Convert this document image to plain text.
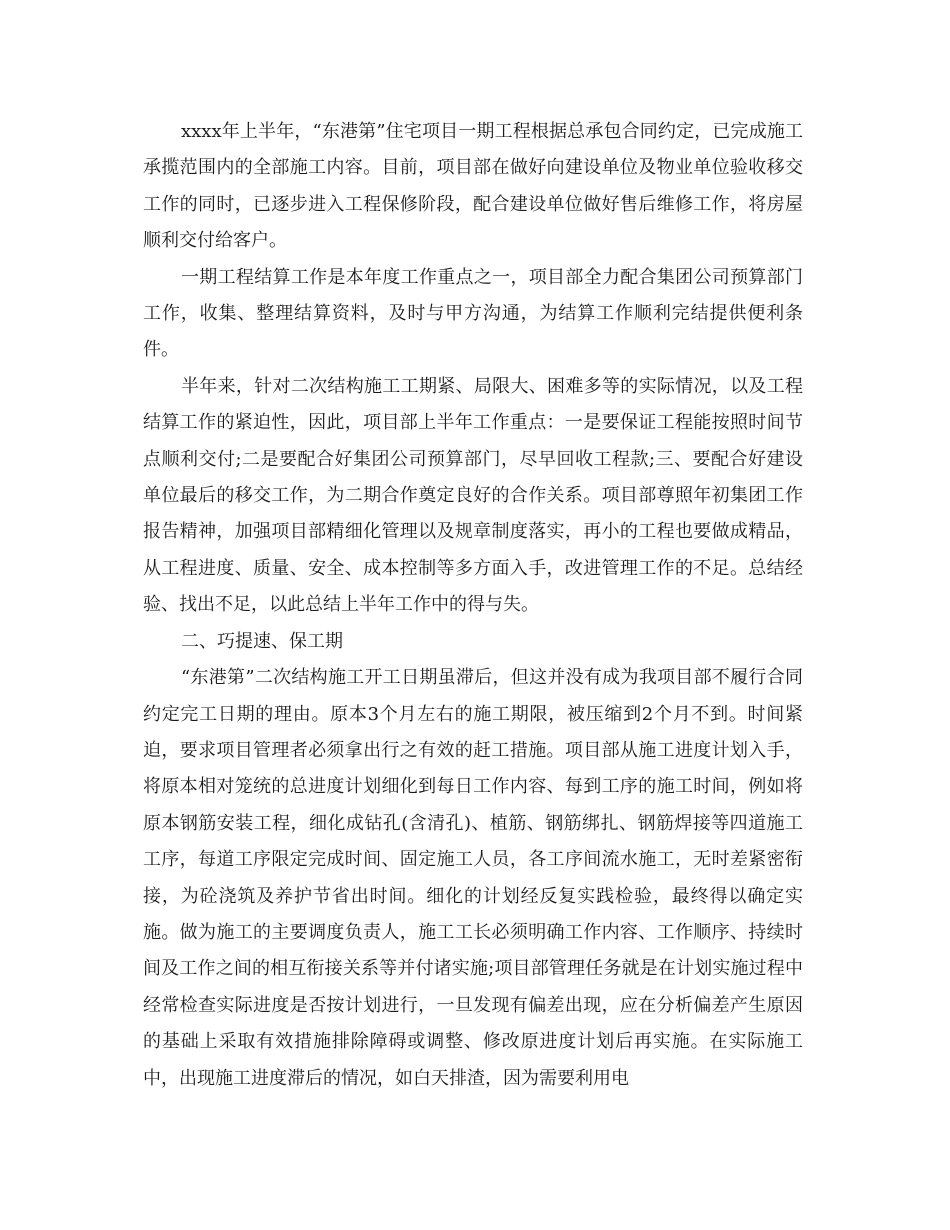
xxxx年上半年，“东港第”住宅项目一期工程根据总承包合同约定，已完成施工承揽范围内的全部施工内容。目前，项目部在做好向建设单位及物业单位验收移交工作的同时，已逐步进入工程保修阶段，配合建设单位做好售后维修工作，将房屋顺利交付给客户。

一期工程结算工作是本年度工作重点之一，项目部全力配合集团公司预算部门工作，收集、整理结算资料，及时与甲方沟通，为结算工作顺利完结提供便利条件。

半年来，针对二次结构施工工期紧、局限大、困难多等的实际情况，以及工程结算工作的紧迫性，因此，项目部上半年工作重点：一是要保证工程能按照时间节点顺利交付;二是要配合好集团公司预算部门，尽早回收工程款;三、要配合好建设单位最后的移交工作，为二期合作奠定良好的合作关系。项目部尊照年初集团工作报告精神，加强项目部精细化管理以及规章制度落实，再小的工程也要做成精品，从工程进度、质量、安全、成本控制等多方面入手，改进管理工作的不足。总结经验、找出不足，以此总结上半年工作中的得与失。

二、巧提速、保工期

“东港第”二次结构施工开工日期虽滞后，但这并没有成为我项目部不履行合同约定完工日期的理由。原本3个月左右的施工期限，被压缩到2个月不到。时间紧迫，要求项目管理者必须拿出行之有效的赶工措施。项目部从施工进度计划入手，将原本相对笼统的总进度计划细化到每日工作内容、每到工序的施工时间，例如将原本钢筋安装工程，细化成钻孔(含清孔)、植筋、钢筋绑扎、钢筋焊接等四道施工工序，每道工序限定完成时间、固定施工人员，各工序间流水施工，无时差紧密衔接，为砼浇筑及养护节省出时间。细化的计划经反复实践检验，最终得以确定实施。做为施工的主要调度负责人，施工工长必须明确工作内容、工作顺序、持续时间及工作之间的相互衔接关系等并付诸实施;项目部管理任务就是在计划实施过程中经常检查实际进度是否按计划进行，一旦发现有偏差出现，应在分析偏差产生原因的基础上采取有效措施排除障碍或调整、修改原进度计划后再实施。在实际施工中，出现施工进度滞后的情况，如白天排渣，因为需要利用电
